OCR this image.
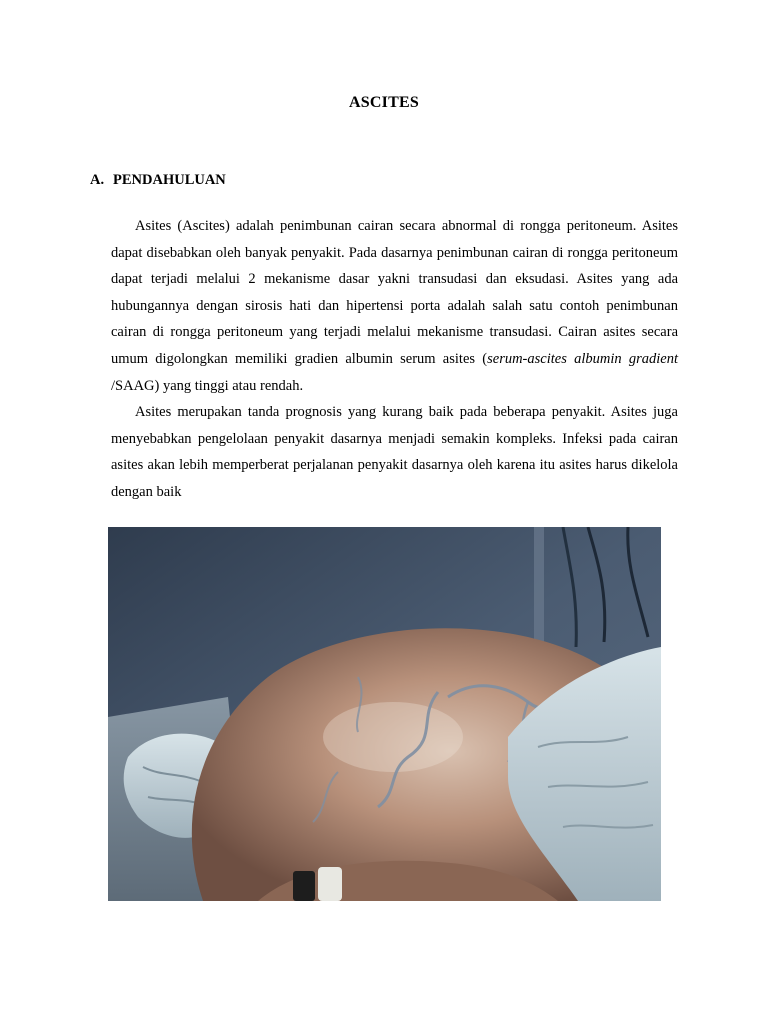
ASCITES
A. PENDAHULUAN

Asites (Ascites) adalah penimbunan cairan secara abnormal di rongga peritoneum. Asites dapat disebabkan oleh banyak penyakit. Pada dasarnya penimbunan cairan di rongga peritoneum dapat terjadi melalui 2 mekanisme dasar yakni transudasi dan eksudasi. Asites yang ada hubungannya dengan sirosis hati dan hipertensi porta adalah salah satu contoh penimbunan cairan di rongga peritoneum yang terjadi melalui mekanisme transudasi. Cairan asites secara umum digolongkan memiliki gradien albumin serum asites (serum-ascites albumin gradient /SAAG) yang tinggi atau rendah.

Asites merupakan tanda prognosis yang kurang baik pada beberapa penyakit. Asites juga menyebabkan pengelolaan penyakit dasarnya menjadi semakin kompleks. Infeksi pada cairan asites akan lebih memperberat perjalanan penyakit dasarnya oleh karena itu asites harus dikelola dengan baik
